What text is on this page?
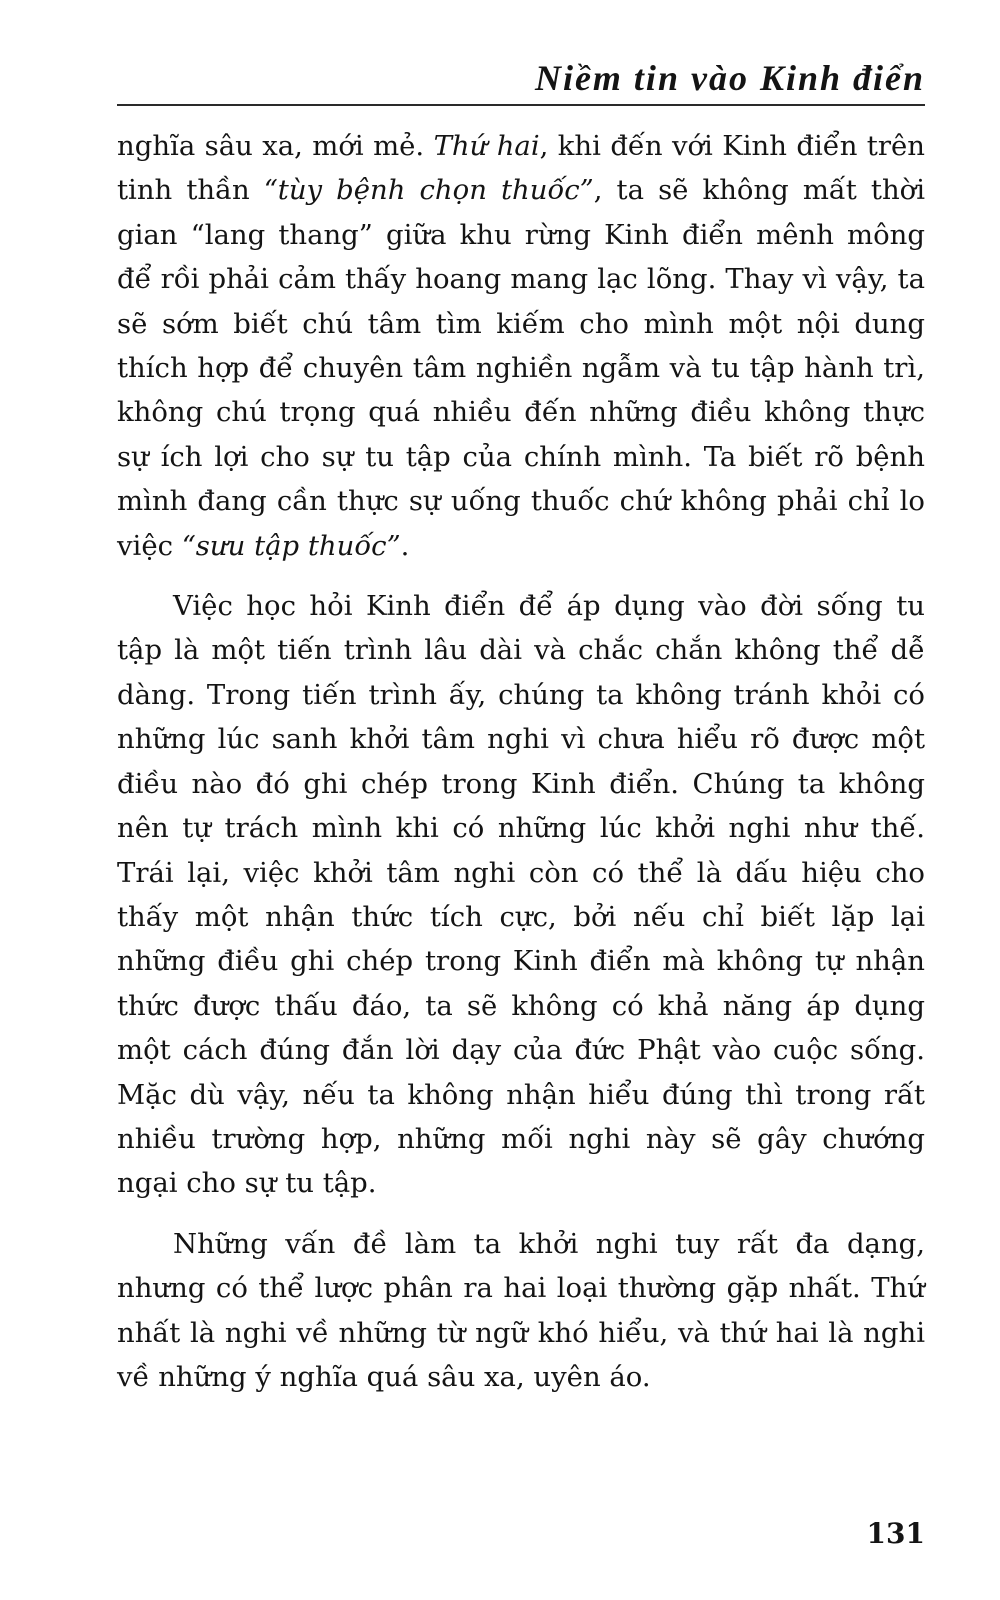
Niềm tin vào Kinh điển

nghĩa sâu xa, mới mẻ. Thứ hai, khi đến với Kinh điển trên tinh thần “tùy bệnh chọn thuốc”, ta sẽ không mất thời gian “lang thang” giữa khu rừng Kinh điển mênh mông để rồi phải cảm thấy hoang mang lạc lõng. Thay vì vậy, ta sẽ sớm biết chú tâm tìm kiếm cho mình một nội dung thích hợp để chuyên tâm nghiền ngẫm và tu tập hành trì, không chú trọng quá nhiều đến những điều không thực sự ích lợi cho sự tu tập của chính mình. Ta biết rõ bệnh mình đang cần thực sự uống thuốc chứ không phải chỉ lo việc “sưu tập thuốc”.

Việc học hỏi Kinh điển để áp dụng vào đời sống tu tập là một tiến trình lâu dài và chắc chắn không thể dễ dàng. Trong tiến trình ấy, chúng ta không tránh khỏi có những lúc sanh khởi tâm nghi vì chưa hiểu rõ được một điều nào đó ghi chép trong Kinh điển. Chúng ta không nên tự trách mình khi có những lúc khởi nghi như thế. Trái lại, việc khởi tâm nghi còn có thể là dấu hiệu cho thấy một nhận thức tích cực, bởi nếu chỉ biết lặp lại những điều ghi chép trong Kinh điển mà không tự nhận thức được thấu đáo, ta sẽ không có khả năng áp dụng một cách đúng đắn lời dạy của đức Phật vào cuộc sống. Mặc dù vậy, nếu ta không nhận hiểu đúng thì trong rất nhiều trường hợp, những mối nghi này sẽ gây chướng ngại cho sự tu tập.

Những vấn đề làm ta khởi nghi tuy rất đa dạng, nhưng có thể lược phân ra hai loại thường gặp nhất. Thứ nhất là nghi về những từ ngữ khó hiểu, và thứ hai là nghi về những ý nghĩa quá sâu xa, uyên áo.

131
